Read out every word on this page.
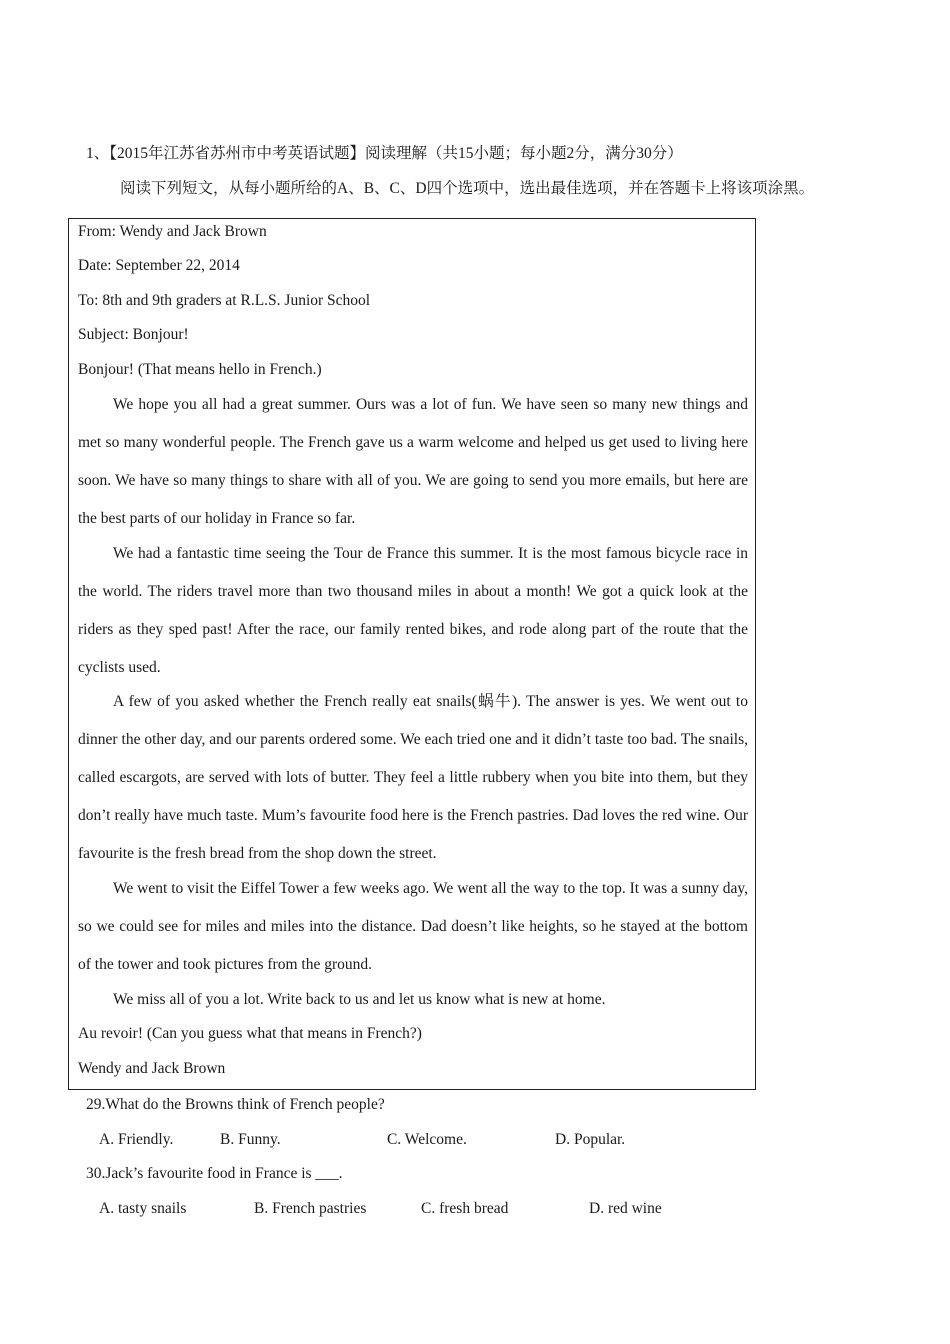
1、【2015年江苏省苏州市中考英语试题】阅读理解（共15小题；每小题2分，满分30分）
阅读下列短文，从每小题所给的A、B、C、D四个选项中，选出最佳选项，并在答题卡上将该项涂黑。
From: Wendy and Jack Brown
Date: September 22, 2014
To: 8th and 9th graders at R.L.S. Junior School
Subject: Bonjour!
Bonjour! (That means hello in French.)
We hope you all had a great summer. Ours was a lot of fun. We have seen so many new things and met so many wonderful people. The French gave us a warm welcome and helped us get used to living here soon. We have so many things to share with all of you. We are going to send you more emails, but here are the best parts of our holiday in France so far.
We had a fantastic time seeing the Tour de France this summer. It is the most famous bicycle race in the world. The riders travel more than two thousand miles in about a month! We got a quick look at the riders as they sped past! After the race, our family rented bikes, and rode along part of the route that the cyclists used.
A few of you asked whether the French really eat snails(蜗牛). The answer is yes. We went out to dinner the other day, and our parents ordered some. We each tried one and it didn’t taste too bad. The snails, called escargots, are served with lots of butter. They feel a little rubbery when you bite into them, but they don’t really have much taste. Mum’s favourite food here is the French pastries. Dad loves the red wine. Our favourite is the fresh bread from the shop down the street.
We went to visit the Eiffel Tower a few weeks ago. We went all the way to the top. It was a sunny day, so we could see for miles and miles into the distance. Dad doesn’t like heights, so he stayed at the bottom of the tower and took pictures from the ground.
We miss all of you a lot. Write back to us and let us know what is new at home.
Au revoir! (Can you guess what that means in French?)
Wendy and Jack Brown
29.What do the Browns think of French people?
A. Friendly.	B. Funny.	C. Welcome.	D. Popular.
30.Jack’s favourite food in France is ___.
A. tasty snails	B. French pastries	C. fresh bread	D. red wine
